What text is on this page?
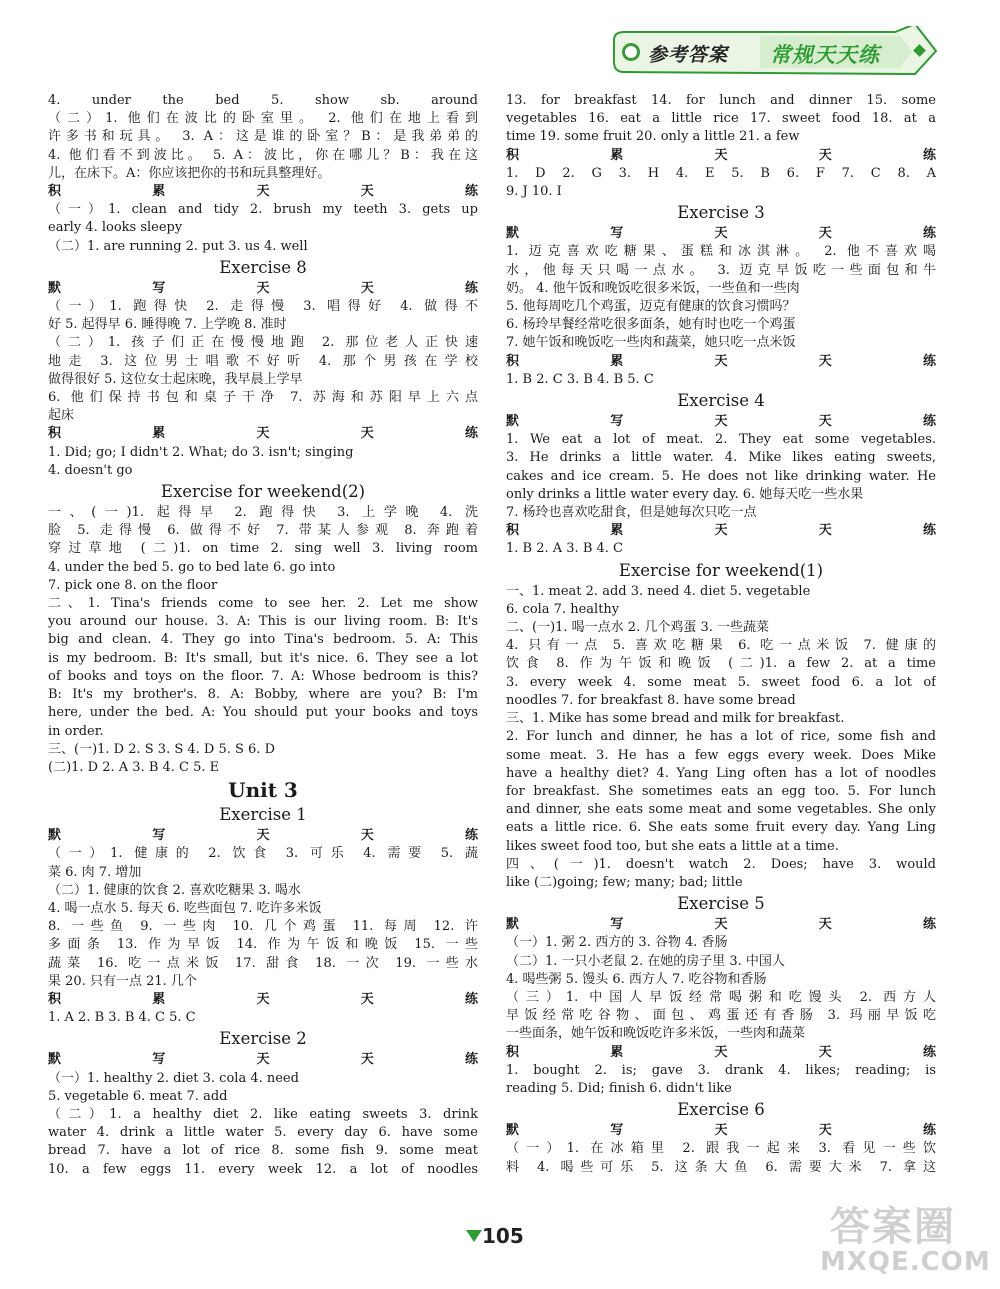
参考答案 常规天天练
4. under the bed 5. show sb. around
（二）1. 他们在波比的卧室里。 2. 他们在地上看到
许多书和玩具。 3. A：这是谁的卧室？B：是我弟弟的
4. 他们看不到波比。 5. A：波比，你在哪儿？B：我在这
儿，在床下。A：你应该把你的书和玩具整理好。
积累天天练
（一）1. clean and tidy 2. brush my teeth 3. gets up
early 4. looks sleepy
（二）1. are running 2. put 3. us 4. well
Exercise 8
默写天天练
（一）1. 跑得快 2. 走得慢 3. 唱得好 4. 做得不
好 5. 起得早 6. 睡得晚 7. 上学晚 8. 准时
（二）1. 孩子们正在慢慢地跑 2. 那位老人正快速
地走 3. 这位男士唱歌不好听 4. 那个男孩在学校
做得很好 5. 这位女士起床晚，我早晨上学早
6. 他们保持书包和桌子干净 7. 苏海和苏阳早上六点
起床
积累天天练
1. Did; go; I didn't 2. What; do 3. isn't; singing
4. doesn't go
Exercise for weekend(2)
一、(一)1. 起得早 2. 跑得快 3. 上学晚 4. 洗
脸 5. 走得慢 6. 做得不好 7. 带某人参观 8. 奔跑着
穿过草地 (二)1. on time 2. sing well 3. living room
4. under the bed 5. go to bed late 6. go into
7. pick one 8. on the floor
二、1. Tina's friends come to see her. 2. Let me show
you around our house. 3. A: This is our living room. B: It's
big and clean. 4. They go into Tina's bedroom. 5. A: This
is my bedroom. B: It's small, but it's nice. 6. They see a lot
of books and toys on the floor. 7. A: Whose bedroom is this?
B: It's my brother's. 8. A: Bobby, where are you? B: I'm
here, under the bed. A: You should put your books and toys
in order.
三、(一)1. D 2. S 3. S 4. D 5. S 6. D
(二)1. D 2. A 3. B 4. C 5. E
Unit 3
Exercise 1
默写天天练
（一）1. 健康的 2. 饮食 3. 可乐 4. 需要 5. 蔬
菜 6. 肉 7. 增加
（二）1. 健康的饮食 2. 喜欢吃糖果 3. 喝水
4. 喝一点水 5. 每天 6. 吃些面包 7. 吃许多米饭
8. 一些鱼 9. 一些肉 10. 几个鸡蛋 11. 每周 12. 许
多面条 13. 作为早饭 14. 作为午饭和晚饭 15. 一些
蔬菜 16. 吃一点米饭 17. 甜食 18. 一次 19. 一些水
果 20. 只有一点 21. 几个
积累天天练
1. A 2. B 3. B 4. C 5. C
Exercise 2
默写天天练
（一）1. healthy 2. diet 3. cola 4. need
5. vegetable 6. meat 7. add
（二）1. a healthy diet 2. like eating sweets 3. drink
water 4. drink a little water 5. every day 6. have some
bread 7. have a lot of rice 8. some fish 9. some meat
10. a few eggs 11. every week 12. a lot of noodles
13. for breakfast 14. for lunch and dinner 15. some
vegetables 16. eat a little rice 17. sweet food 18. at a
time 19. some fruit 20. only a little 21. a few
积累天天练
1. D 2. G 3. H 4. E 5. B 6. F 7. C 8. A
9. J 10. I
Exercise 3
默写天天练
1. 迈克喜欢吃糖果、蛋糕和冰淇淋。 2. 他不喜欢喝
水，他每天只喝一点水。 3. 迈克早饭吃一些面包和牛
奶。 4. 他午饭和晚饭吃很多米饭，一些鱼和一些肉
5. 他每周吃几个鸡蛋，迈克有健康的饮食习惯吗？
6. 杨玲早餐经常吃很多面条，她有时也吃一个鸡蛋
7. 她午饭和晚饭吃一些肉和蔬菜，她只吃一点米饭
积累天天练
1. B 2. C 3. B 4. B 5. C
Exercise 4
默写天天练
1. We eat a lot of meat. 2. They eat some vegetables.
3. He drinks a little water. 4. Mike likes eating sweets,
cakes and ice cream. 5. He does not like drinking water. He
only drinks a little water every day. 6. 她每天吃一些水果
7. 杨玲也喜欢吃甜食，但是她每次只吃一点
积累天天练
1. B 2. A 3. B 4. C
Exercise for weekend(1)
一、1. meat 2. add 3. need 4. diet 5. vegetable
6. cola 7. healthy
二、(一)1. 喝一点水 2. 几个鸡蛋 3. 一些蔬菜
4. 只有一点 5. 喜欢吃糖果 6. 吃一点米饭 7. 健康的
饮食 8. 作为午饭和晚饭 (二)1. a few 2. at a time
3. every week 4. some meat 5. sweet food 6. a lot of
noodles 7. for breakfast 8. have some bread
三、1. Mike has some bread and milk for breakfast.
2. For lunch and dinner, he has a lot of rice, some fish and
some meat. 3. He has a few eggs every week. Does Mike
have a healthy diet? 4. Yang Ling often has a lot of noodles
for breakfast. She sometimes eats an egg too. 5. For lunch
and dinner, she eats some meat and some vegetables. She only
eats a little rice. 6. She eats some fruit every day. Yang Ling
likes sweet food too, but she eats a little at a time.
四、(一)1. doesn't watch 2. Does; have 3. would
like (二)going; few; many; bad; little
Exercise 5
默写天天练
（一）1. 粥 2. 西方的 3. 谷物 4. 香肠
（二）1. 一只小老鼠 2. 在她的房子里 3. 中国人
4. 喝些粥 5. 馒头 6. 西方人 7. 吃谷物和香肠
（三）1. 中国人早饭经常喝粥和吃馒头 2. 西方人
早饭经常吃谷物、面包、鸡蛋还有香肠 3. 玛丽早饭吃
一些面条，她午饭和晚饭吃许多米饭，一些肉和蔬菜
积累天天练
1. bought 2. is; gave 3. drank 4. likes; reading; is
reading 5. Did; finish 6. didn't like
Exercise 6
默写天天练
（一）1. 在冰箱里 2. 跟我一起来 3. 看见一些饮
料 4. 喝些可乐 5. 这条大鱼 6. 需要大米 7. 拿这
105	答案圈
MXQE.COM
